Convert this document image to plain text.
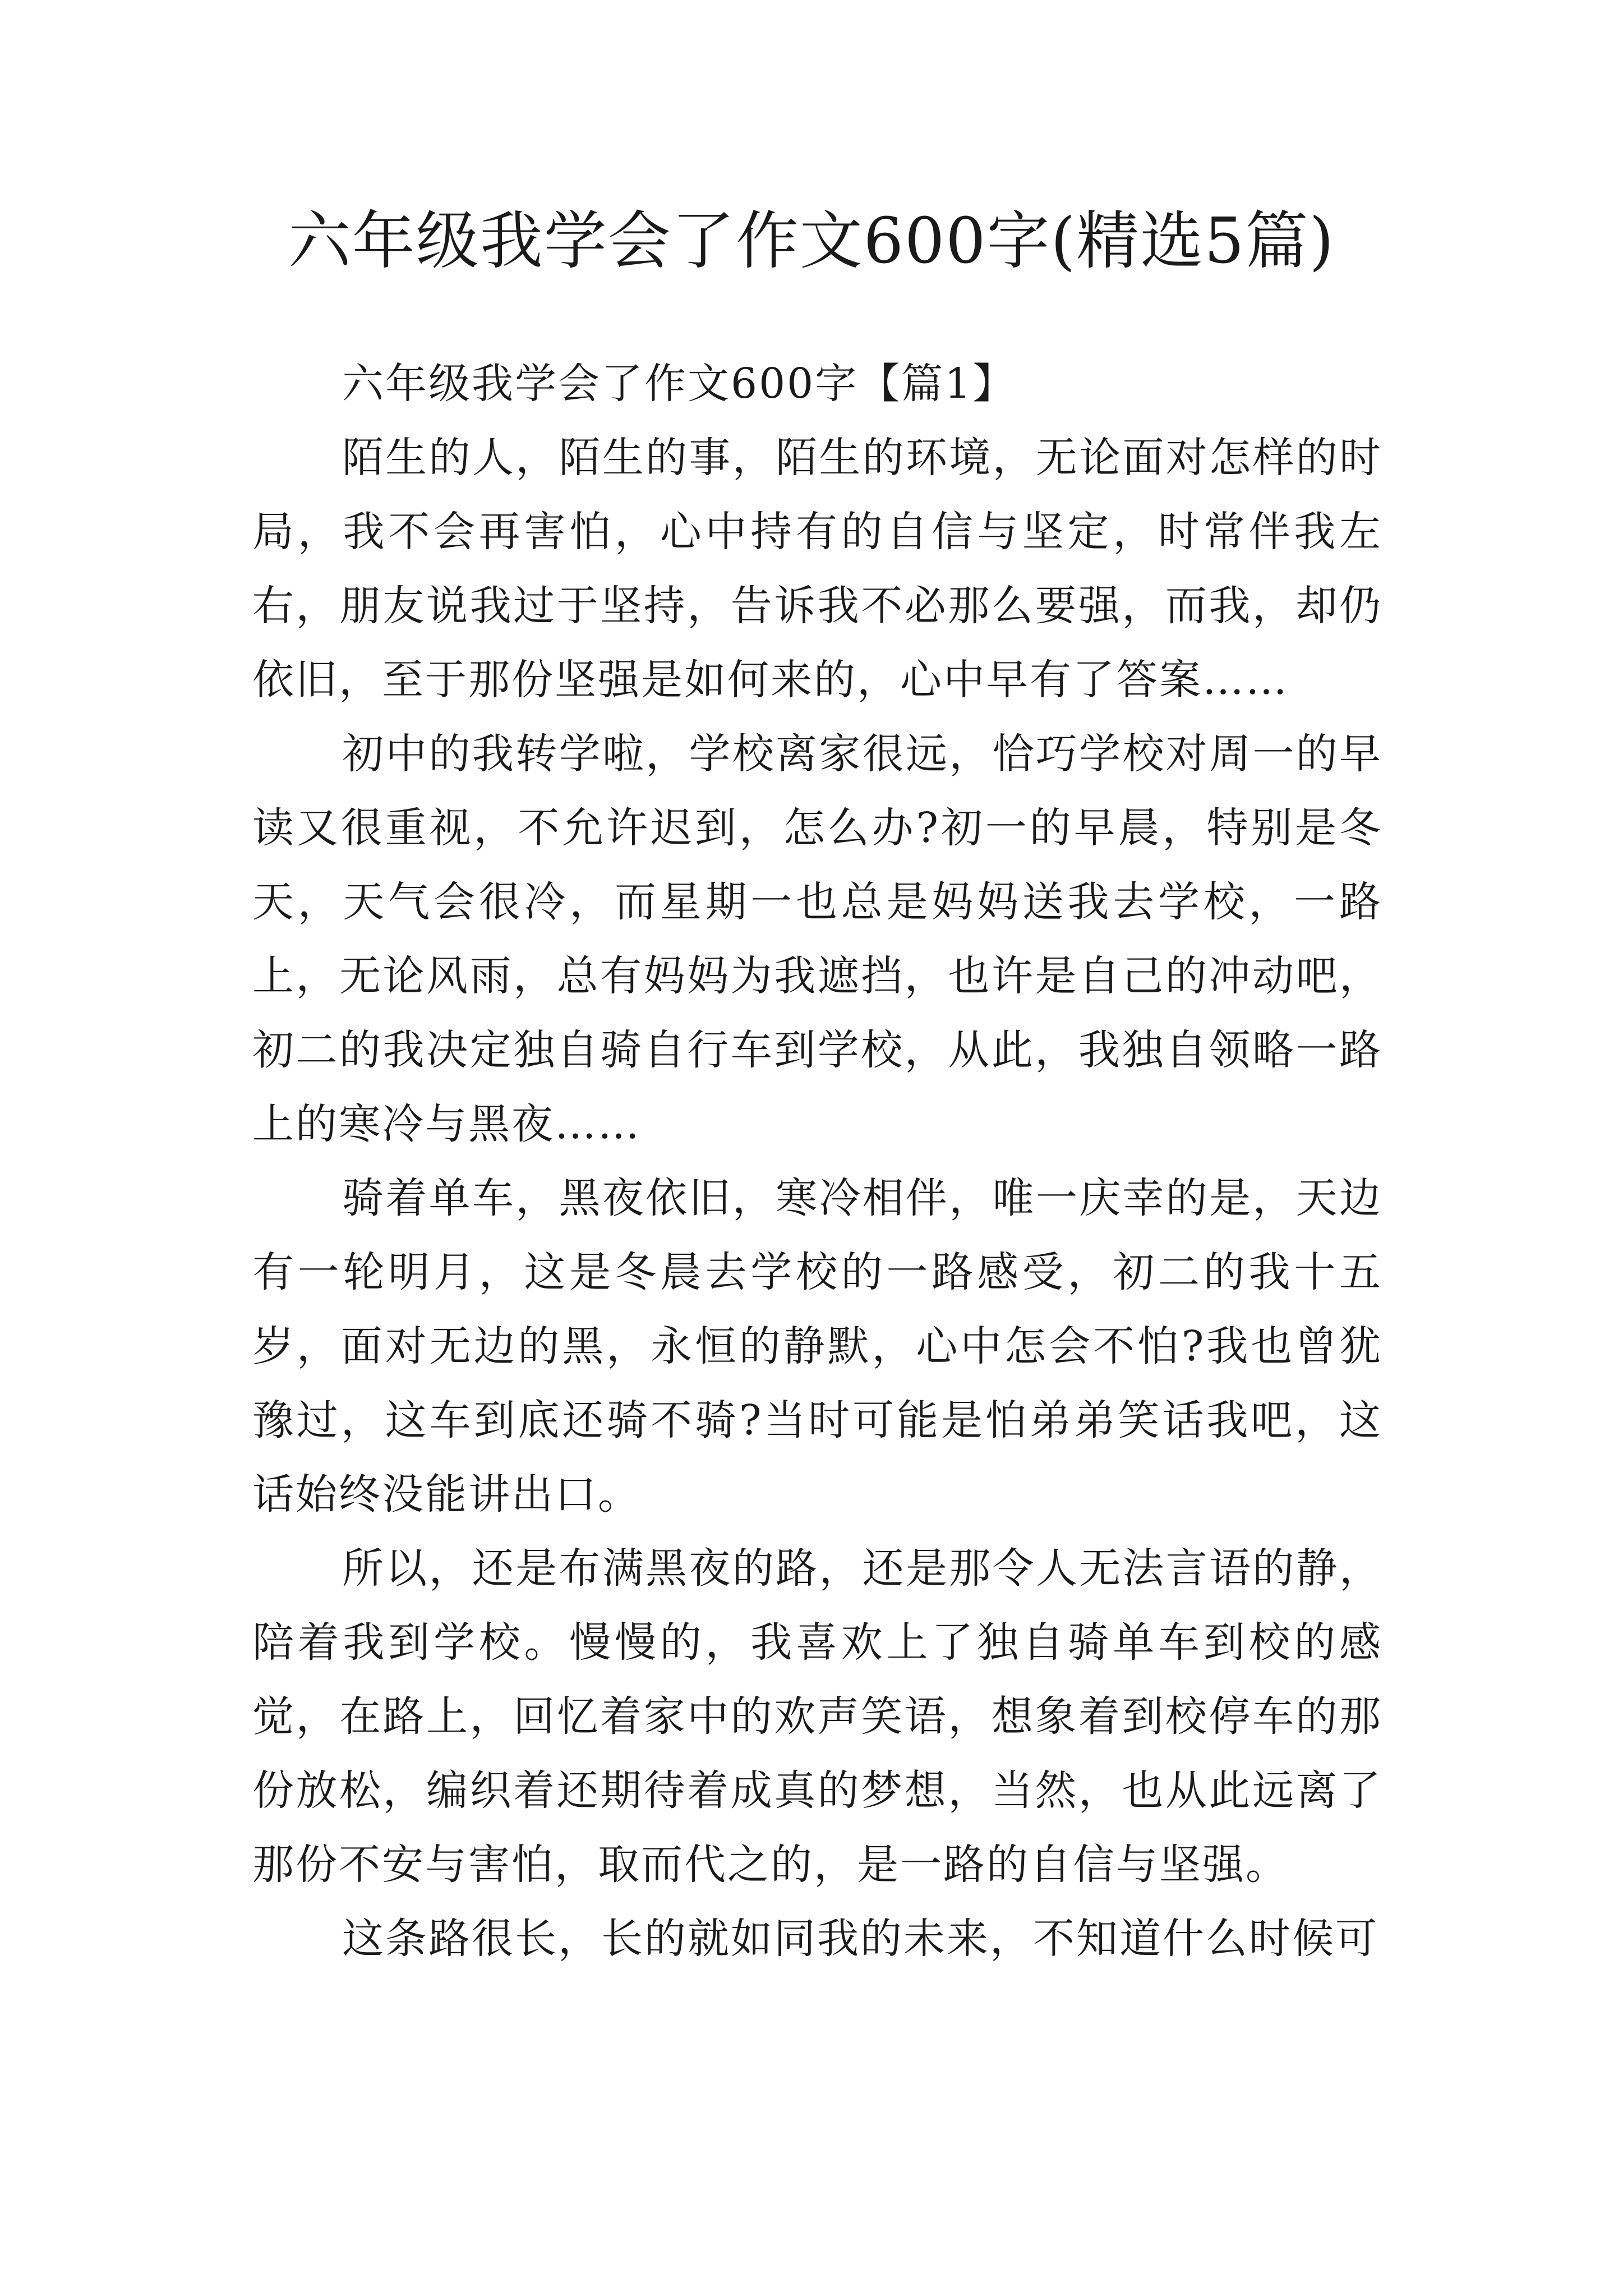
六年级我学会了作文600字(精选5篇)

六年级我学会了作文600字【篇1】

陌生的人，陌生的事，陌生的环境，无论面对怎样的时局，我不会再害怕，心中持有的自信与坚定，时常伴我左右，朋友说我过于坚持，告诉我不必那么要强，而我，却仍依旧，至于那份坚强是如何来的，心中早有了答案……

初中的我转学啦，学校离家很远，恰巧学校对周一的早读又很重视，不允许迟到，怎么办?初一的早晨，特别是冬天，天气会很冷，而星期一也总是妈妈送我去学校，一路上，无论风雨，总有妈妈为我遮挡，也许是自己的冲动吧，初二的我决定独自骑自行车到学校，从此，我独自领略一路上的寒冷与黑夜……

骑着单车，黑夜依旧，寒冷相伴，唯一庆幸的是，天边有一轮明月，这是冬晨去学校的一路感受，初二的我十五岁，面对无边的黑，永恒的静默，心中怎会不怕?我也曾犹豫过，这车到底还骑不骑?当时可能是怕弟弟笑话我吧，这话始终没能讲出口。

所以，还是布满黑夜的路，还是那令人无法言语的静，陪着我到学校。慢慢的，我喜欢上了独自骑单车到校的感觉，在路上，回忆着家中的欢声笑语，想象着到校停车的那份放松，编织着还期待着成真的梦想，当然，也从此远离了那份不安与害怕，取而代之的，是一路的自信与坚强。

这条路很长，长的就如同我的未来，不知道什么时候可
